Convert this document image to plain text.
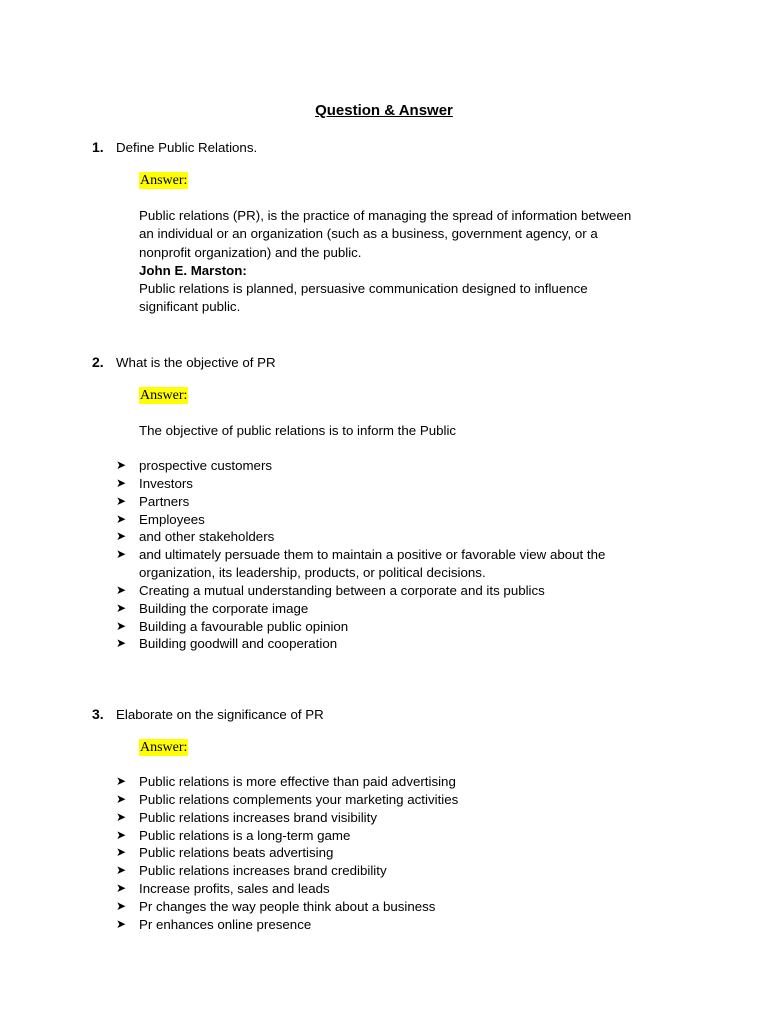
Question & Answer
1. Define Public Relations.
Answer:
Public relations (PR), is the practice of managing the spread of information between
an individual or an organization (such as a business, government agency, or a
nonprofit organization) and the public.
John E. Marston:
Public relations is planned, persuasive communication designed to influence
significant public.
2. What is the objective of PR
Answer:
The objective of public relations is to inform the Public
➤ prospective customers
➤ Investors
➤ Partners
➤ Employees
➤ and other stakeholders
➤ and ultimately persuade them to maintain a positive or favorable view about the
organization, its leadership, products, or political decisions.
➤ Creating a mutual understanding between a corporate and its publics
➤ Building the corporate image
➤ Building a favourable public opinion
➤ Building goodwill and cooperation
3. Elaborate on the significance of PR
Answer:
➤ Public relations is more effective than paid advertising
➤ Public relations complements your marketing activities
➤ Public relations increases brand visibility
➤ Public relations is a long-term game
➤ Public relations beats advertising
➤ Public relations increases brand credibility
➤ Increase profits, sales and leads
➤ Pr changes the way people think about a business
➤ Pr enhances online presence
